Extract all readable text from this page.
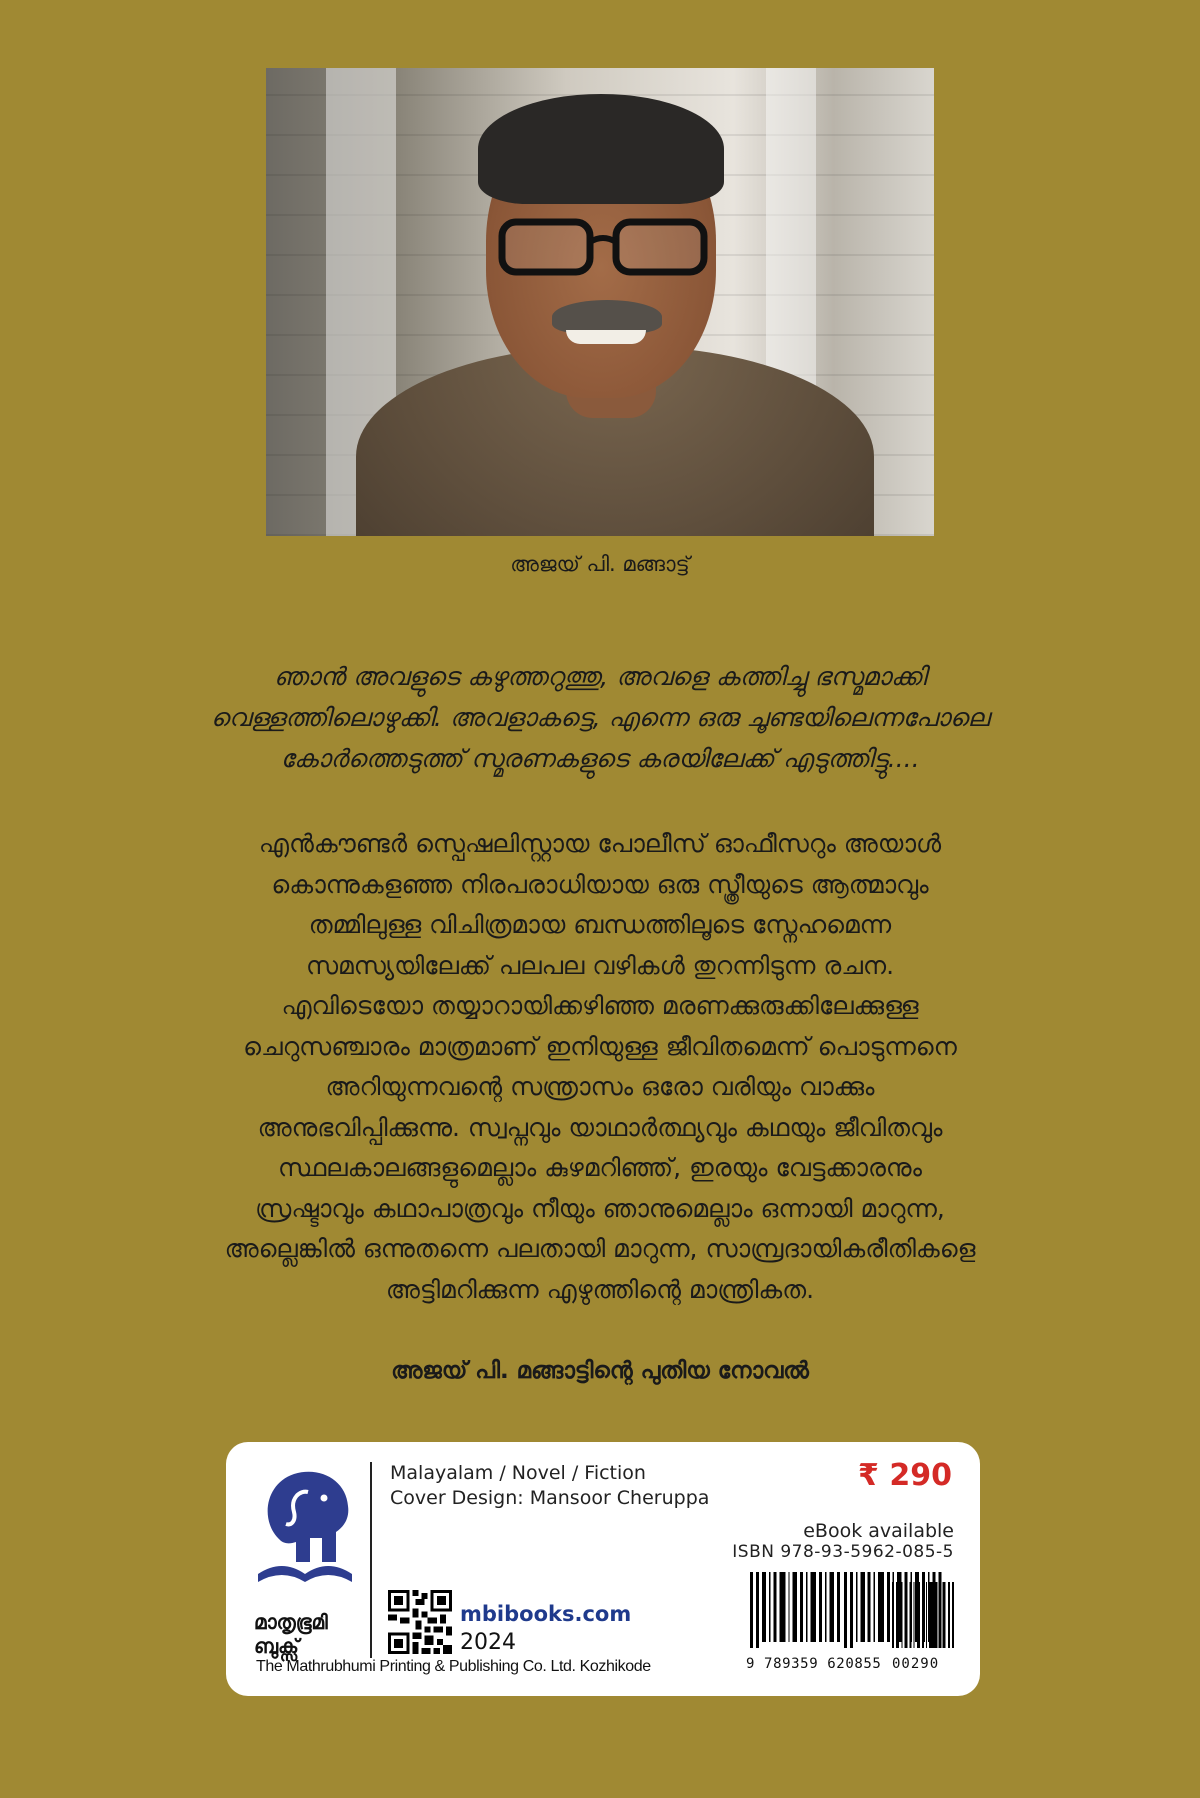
അജയ് പി. മങ്ങാട്ട്

ഞാൻ അവളുടെ കഴുത്തറുത്തു, അവളെ കത്തിച്ചു ഭസ്മമാക്കി
വെള്ളത്തിലൊഴുക്കി. അവളാകട്ടെ, എന്നെ ഒരു ചൂണ്ടയിലെന്നപോലെ
കോർത്തെടുത്ത് സ്മരണകളുടെ കരയിലേക്ക് എടുത്തിട്ടു....

എൻകൗണ്ടർ സ്പെഷലിസ്റ്റായ പോലീസ് ഓഫീസറും അയാൾ
കൊന്നുകളഞ്ഞ നിരപരാധിയായ ഒരു സ്ത്രീയുടെ ആത്മാവും
തമ്മിലുള്ള വിചിത്രമായ ബന്ധത്തിലൂടെ സ്നേഹമെന്ന
സമസ്യയിലേക്ക് പലപല വഴികൾ തുറന്നിടുന്ന രചന.
എവിടെയോ തയ്യാറായിക്കഴിഞ്ഞ മരണക്കുരുക്കിലേക്കുള്ള
ചെറുസഞ്ചാരം മാത്രമാണ് ഇനിയുള്ള ജീവിതമെന്ന് പൊടുന്നനെ
അറിയുന്നവന്റെ സന്ത്രാസം ഒരോ വരിയും വാക്കും
അനുഭവിപ്പിക്കുന്നു. സ്വപ്നവും യാഥാർത്ഥ്യവും കഥയും ജീവിതവും
സ്ഥലകാലങ്ങളുമെല്ലാം കുഴമറിഞ്ഞ്, ഇരയും വേട്ടക്കാരനും
സ്രഷ്ടാവും കഥാപാത്രവും നീയും ഞാനുമെല്ലാം ഒന്നായി മാറുന്ന,
അല്ലെങ്കിൽ ഒന്നുതന്നെ പലതായി മാറുന്ന, സാമ്പ്രദായികരീതികളെ
അട്ടിമറിക്കുന്ന എഴുത്തിന്റെ മാന്ത്രികത.

അജയ് പി. മങ്ങാട്ടിന്റെ പുതിയ നോവൽ
മാതൃഭൂമി
ബുക്സ്
Malayalam / Novel / Fiction
Cover Design: Mansoor Cheruppa
₹ 290
eBook available
ISBN 978-93-5962-085-5
mbibooks.com
2024
9 789359 620855 00290
The Mathrubhumi Printing & Publishing Co. Ltd. Kozhikode
